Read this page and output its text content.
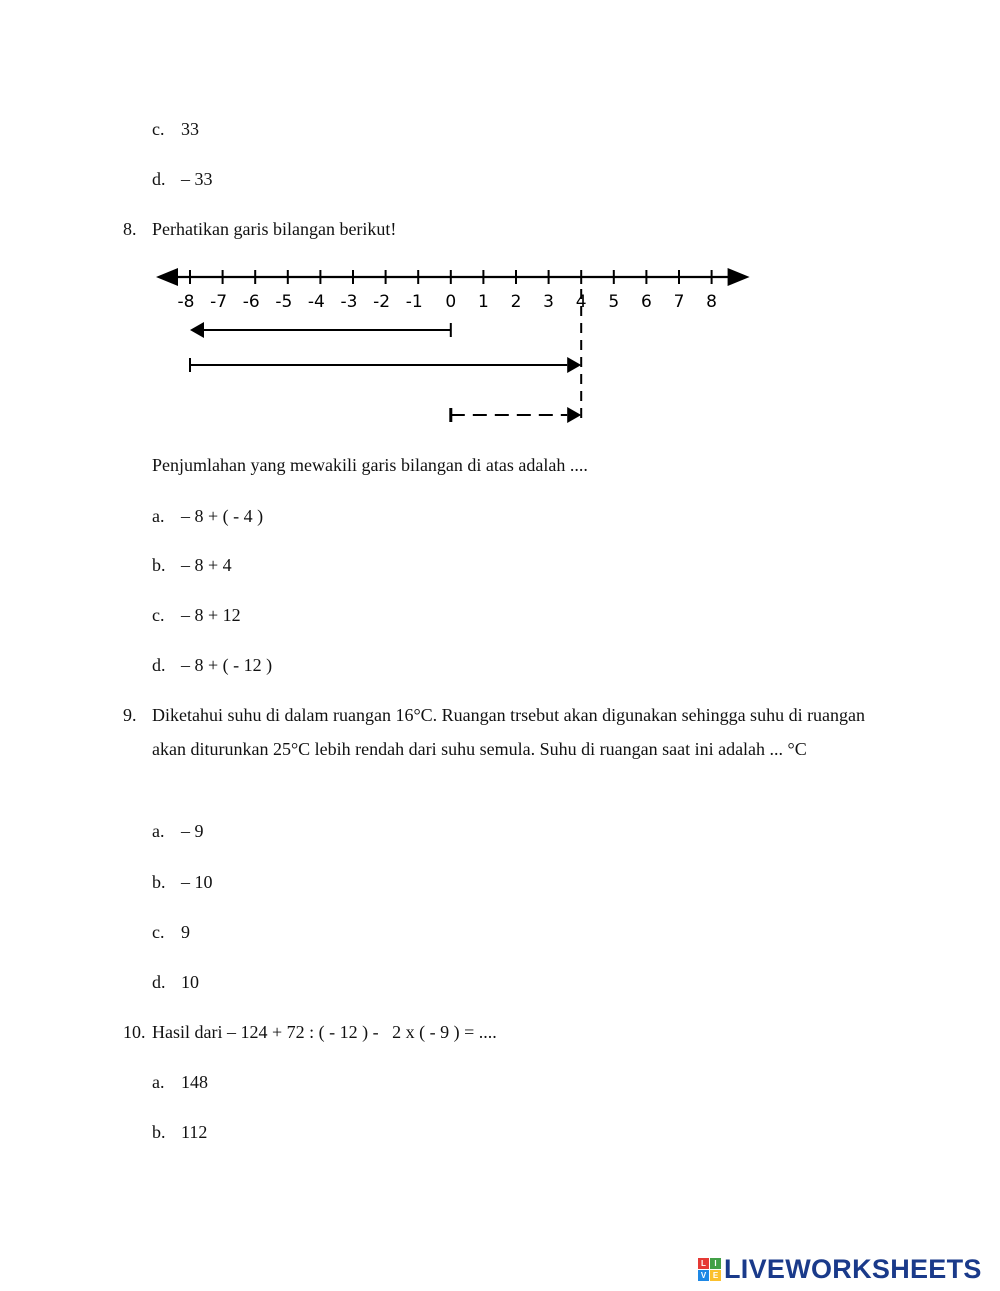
c. 33
d. – 33
8. Perhatikan garis bilangan berikut!
-8 -7 -6 -5 -4 -3 -2 -1 0 1 2 3 4 5 6 7 8
Penjumlahan yang mewakili garis bilangan di atas adalah ....
a. – 8 + ( - 4 )
b. – 8 + 4
c. – 8 + 12
d. – 8 + ( - 12 )
9. Diketahui suhu di dalam ruangan 16°C. Ruangan trsebut akan digunakan sehingga suhu di ruangan akan diturunkan 25°C lebih rendah dari suhu semula. Suhu di ruangan saat ini adalah ... °C
a. – 9
b. – 10
c. 9
d. 10
10. Hasil dari – 124 + 72 : ( - 12 ) -   2 x ( - 9 ) = ....
a. 148
b. 112
L	I
V E LIVEWORKSHEETS
